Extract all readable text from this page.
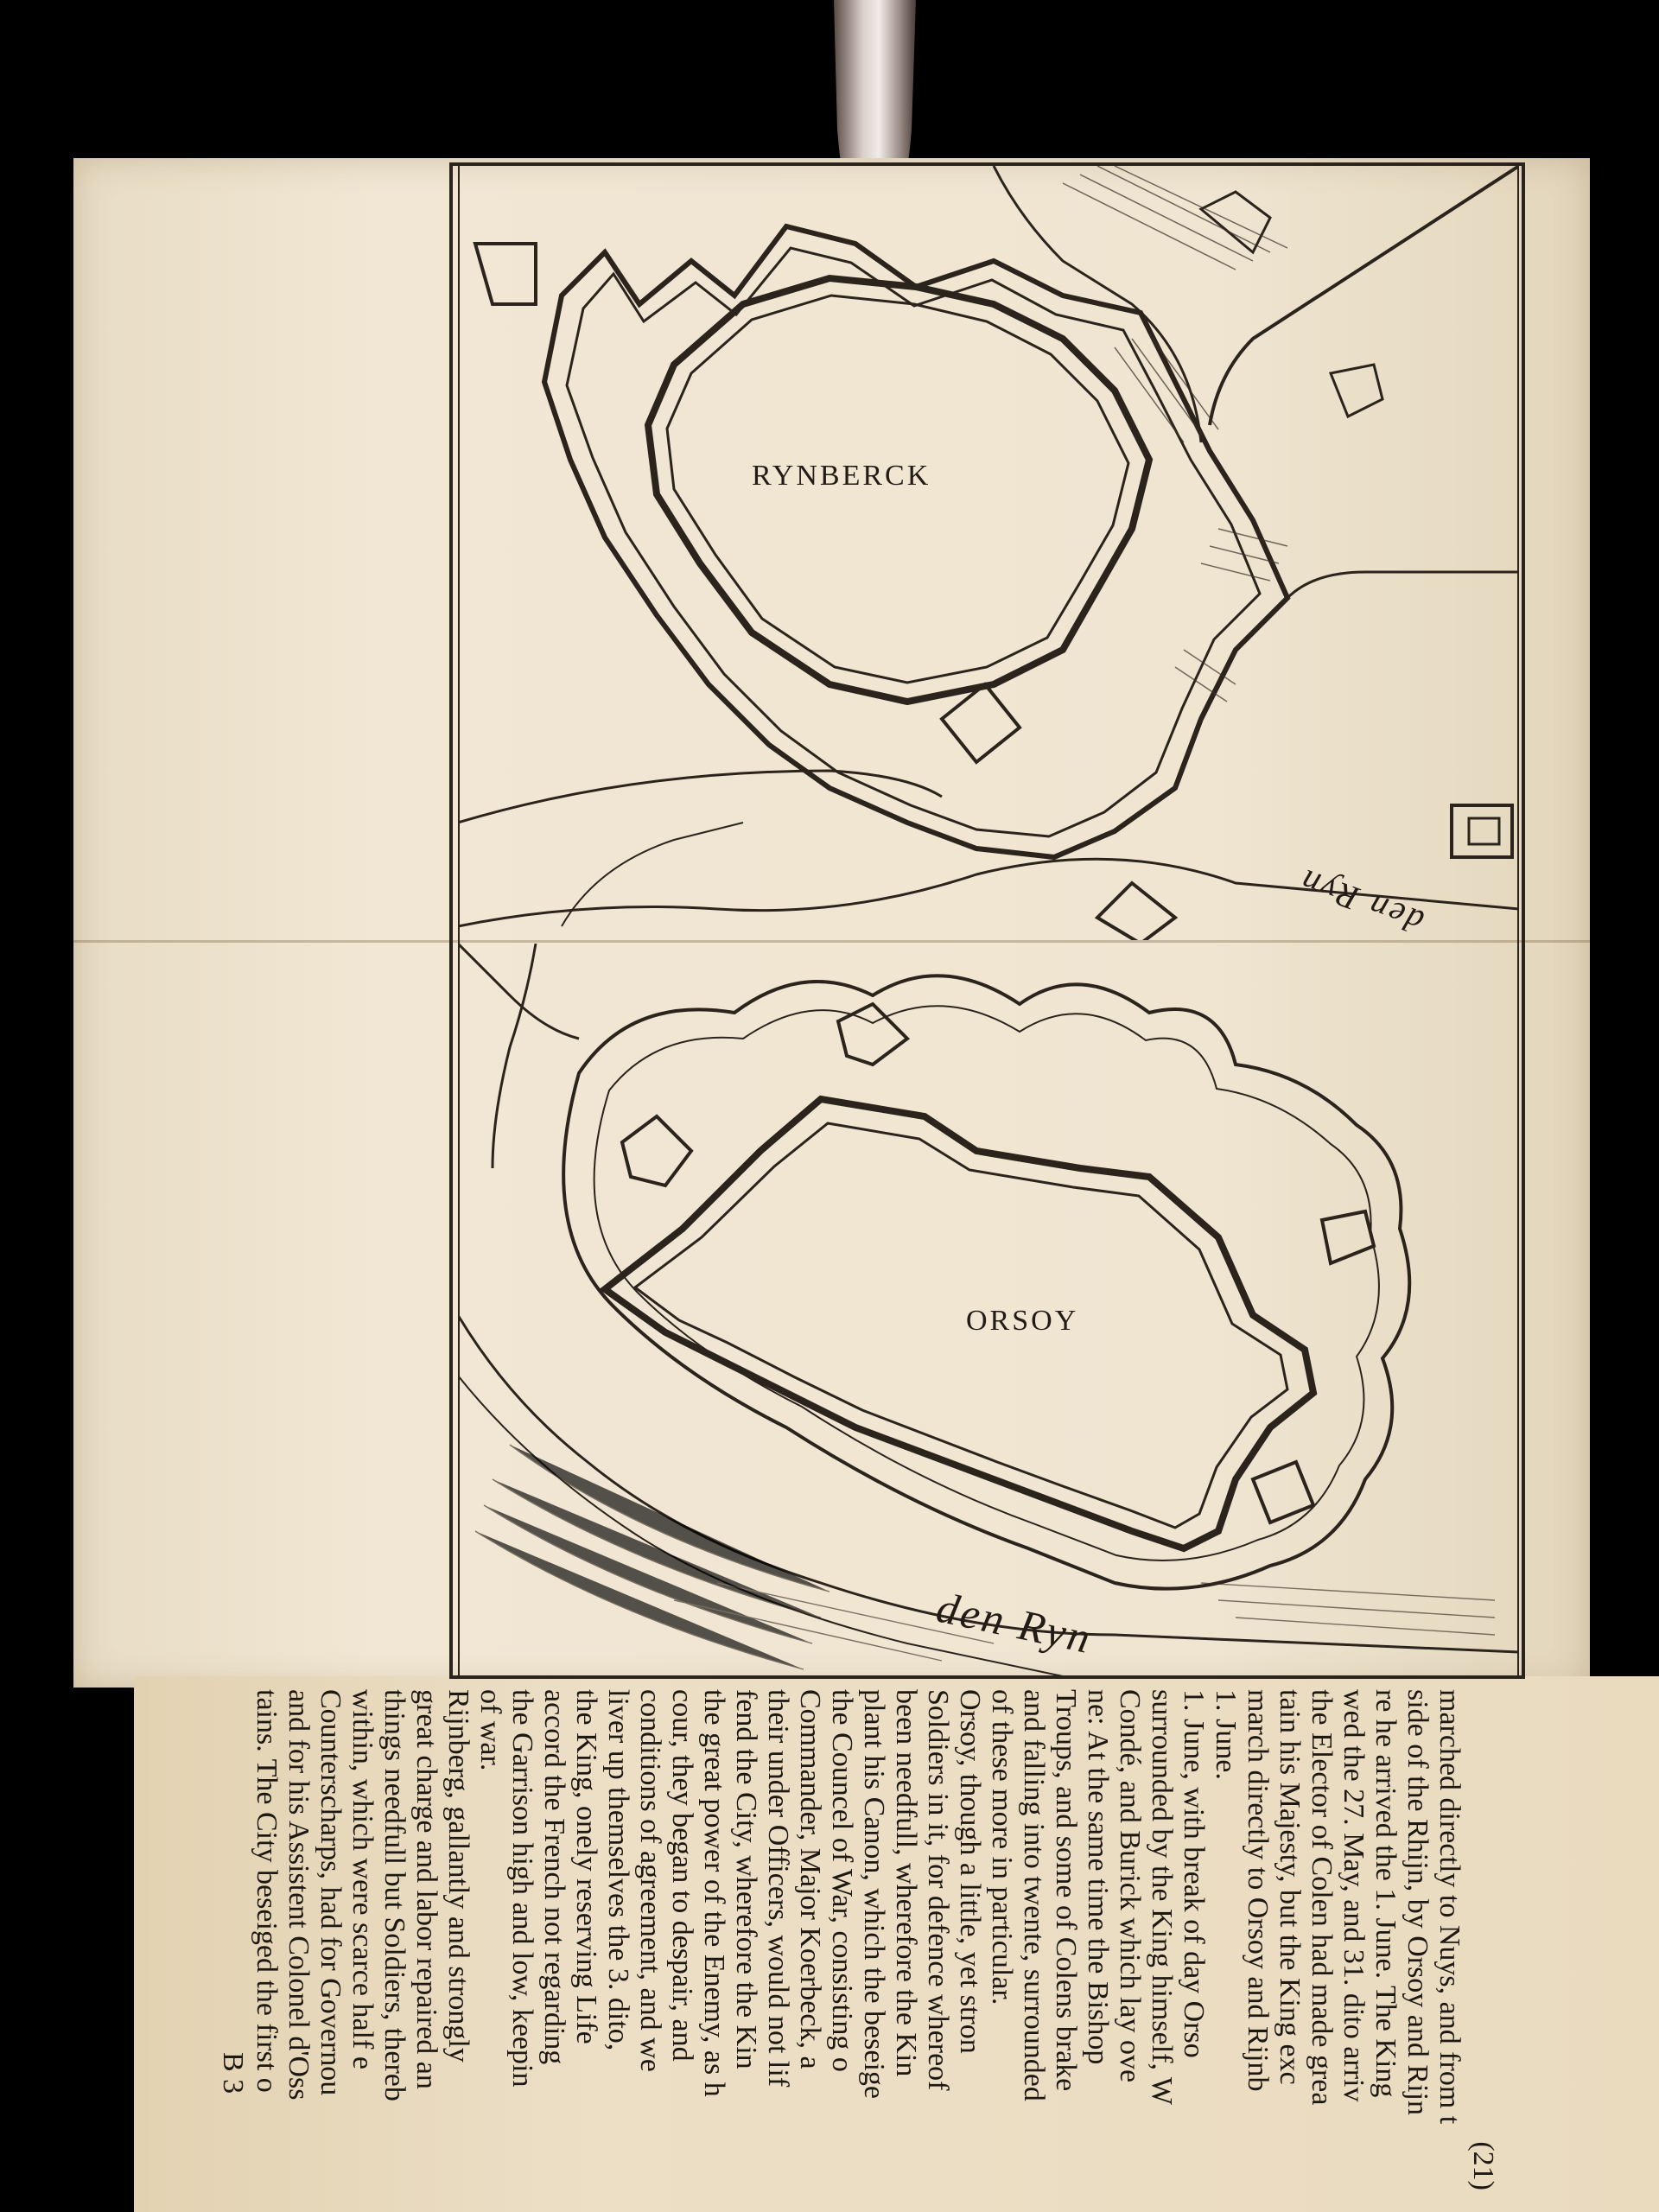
RYNBERCK
ORSOY
den Ryn
den Ryn
(21)
marched directly to Nuys, and from t
side of the Rhijn, by Orsoy and Rijn
re he arrived the 1. June. The King
wed the 27. May, and 31. dito arriv
the Elector of Colen had made grea
tain his Majesty, but the King exc
march directly to Orsoy and Rijnb
1. June.
1. June, with break of day Orso
surrounded by the King himself, W
Condé, and Burick which lay ove
ne: At the same time the Bishop
Troups, and some of Colens brake
and falling into twente, surrounded
of these more in particular.
Orsoy, though a little, yet stron
Soldiers in it, for defence whereof
been needfull, wherefore the Kin
plant his Canon, which the beseige
the Councel of War, consisting o
Commander, Major Koerbeck, a
their under Officers, would not lif
fend the City, wherefore the Kin
the great power of the Enemy, as h
cour, they began to despair, and
conditions of agreement, and we
liver up themselves the 3. dito,
the King, onely reserving Life
accord the French not regarding
the Garrison high and low, keepin
of war.
Rijnberg, gallantly and strongly
great charge and labor repaired an
things needfull but Soldiers, thereb
within, which were scarce half e
Counterscharps, had for Governou
and for his Assistent Colonel d'Oss
tains. The City beseiged the first o
B 3
